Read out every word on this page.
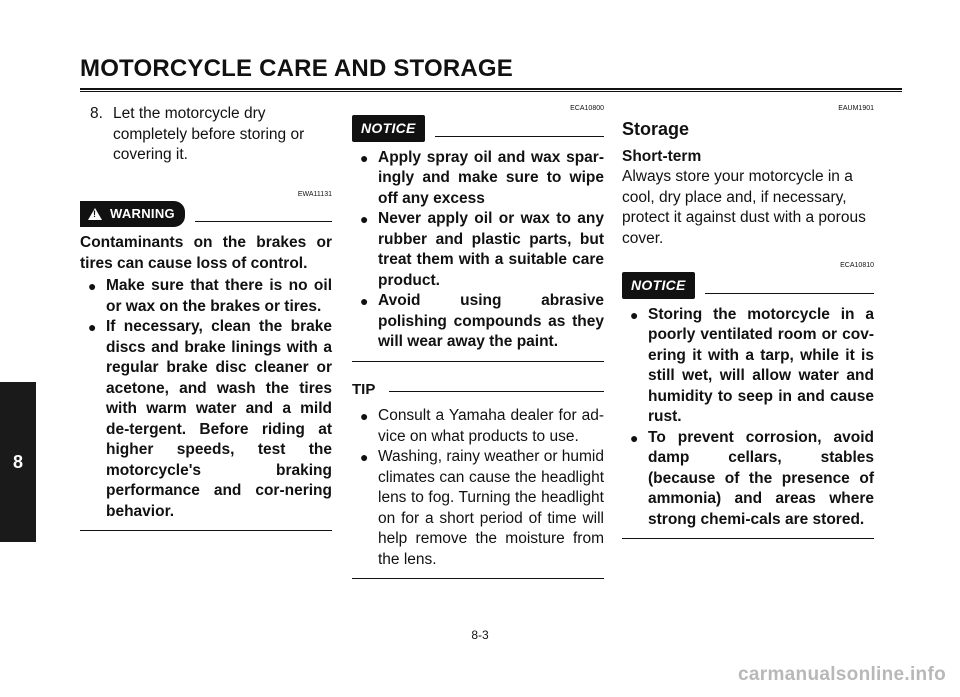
MOTORCYCLE CARE AND STORAGE
8
8. Let the motorcycle dry completely before storing or covering it.
EWA11131
! WARNING
Contaminants on the brakes or tires can cause loss of control.
● Make sure that there is no oil or wax on the brakes or tires.
● If necessary, clean the brake discs and brake linings with a regular brake disc cleaner or acetone, and wash the tires with warm water and a mild de-tergent. Before riding at higher speeds, test the motorcycle's braking performance and cor-nering behavior.
ECA10800
NOTICE
● Apply spray oil and wax spar-ingly and make sure to wipe off any excess
● Never apply oil or wax to any rubber and plastic parts, but treat them with a suitable care product.
● Avoid using abrasive polishing compounds as they will wear away the paint.
TIP
● Consult a Yamaha dealer for ad-vice on what products to use.
● Washing, rainy weather or humid climates can cause the headlight lens to fog. Turning the headlight on for a short period of time will help remove the moisture from the lens.
EAUM1901
Storage
Short-term

Always store your motorcycle in a cool, dry place and, if necessary, protect it against dust with a porous cover.

ECA10810
NOTICE
● Storing the motorcycle in a poorly ventilated room or cov-ering it with a tarp, while it is still wet, will allow water and humidity to seep in and cause rust.
● To prevent corrosion, avoid damp cellars, stables (because of the presence of ammonia) and areas where strong chemi-cals are stored.
8-3
carmanualsonline.info
